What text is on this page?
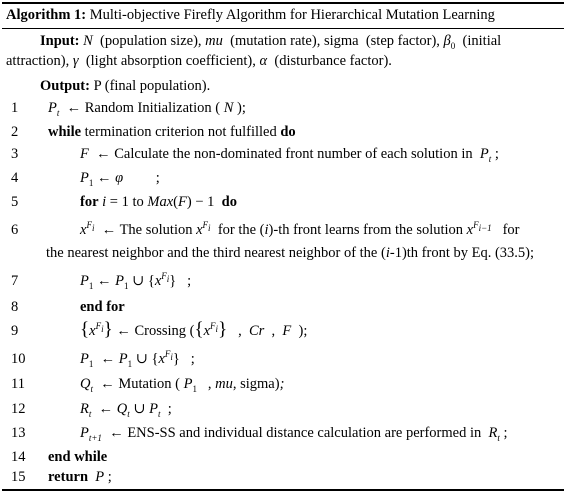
Algorithm 1: Multi-objective Firefly Algorithm for Hierarchical Mutation Learning
Input: N  (population size), mu  (mutation rate), sigma  (step factor), $\beta_0$  (initial
attraction), γ  (light absorption coefficient), α  (disturbance factor).
Output: P (final population).
1 $P_t$  ← Random Initialization ( N );
2 while termination criterion not fulfilled do
3	F  ← Calculate the non-dominated front number of each solution in $P_t$ ;
4	$P_1$ ← φ         ;
5	for i = 1 to Max(F) − 1  do
6	$x^{F_i}$  ← The solution $x^{F_i}$ for the (i)-th front learns from the solution $x^{F_{i-1}}$ for
the nearest neighbor and the third nearest neighbor of the (i-1)th front by Eq. (33.5);
7	$P_1$ ← $P_1$ ∪ $\{x^{F_i}\}$   ;
8	end for
9	$\{x^{F_i}\}$ ← Crossing ($\{x^{F_i}\}$   ,  Cr  ,  F  );
10	$P_1$  ← $P_1$ ∪ $\{x^{F_i}\}$   ;
11	$Q_t$  ← Mutation ( $P_1$   , mu, sigma);
12	$R_t$  ← $Q_t$ ∪ $P_t$  ;
13	$P_{t+1}$  ← ENS-SS and individual distance calculation are performed in $R_t$ ;
14 end while
15 return P ;
